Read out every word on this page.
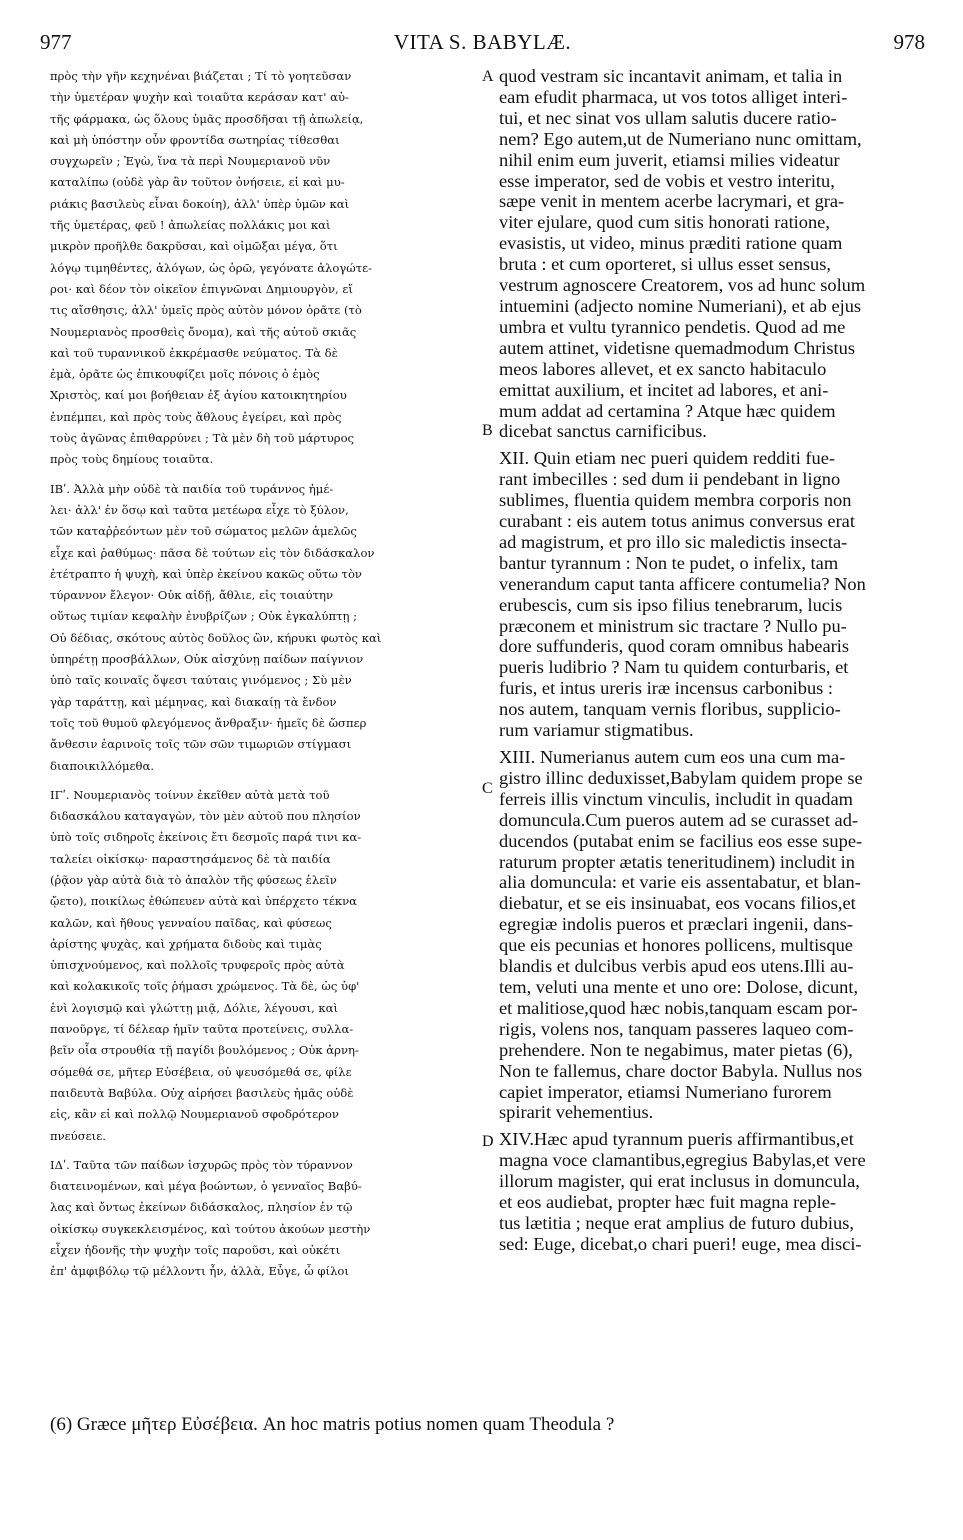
977	VITA S. BABYLÆ.	978
πρὸς τὴν γῆν κεχηνέναι βιάζεται ; Τί τὸ γοητεῦσαν
τὴν ὑμετέραν ψυχὴν καὶ τοιαῦτα κεράσαν κατ' αὐ-
τῆς φάρμακα, ὡς ὅλους ὑμᾶς προσδῆσαι τῇ ἀπωλείᾳ,
καὶ μὴ ὑπόστην οὖν φροντίδα σωτηρίας τίθεσθαι
συγχωρεῖν ; Ἐγὼ, ἵνα τὰ περὶ Νουμεριανοῦ νῦν
καταλίπω (οὐδὲ γὰρ ἂν τοῦτον ὀνήσειε, εἰ καὶ μυ-
ριάκις βασιλεὺς εἶναι δοκοίη), ἀλλ' ὑπὲρ ὑμῶν καὶ
τῆς ὑμετέρας, φεῦ ! ἀπωλείας πολλάκις μοι καὶ
μικρὸν προῆλθε δακρῦσαι, καὶ οἰμῶξαι μέγα, ὅτι
λόγῳ τιμηθέντες, ἀλόγων, ὡς ὁρῶ, γεγόνατε ἀλογώτε-
ροι· καὶ δέον τὸν οἰκεῖον ἐπιγνῶναι Δημιουργὸν, εἴ
τις αἴσθησις, ἀλλ' ὑμεῖς πρὸς αὐτὸν μόνον ὁρᾶτε (τὸ
Νουμεριανὸς προσθεὶς ὄνομα), καὶ τῆς αὐτοῦ σκιᾶς
καὶ τοῦ τυραννικοῦ ἐκκρέμασθε νεύματος. Τὰ δὲ
ἐμὰ, ὁρᾶτε ὡς ἐπικουφίζει μοῖς πόνοις ὁ ἐμὸς
Χριστὸς, καί μοι βοήθειαν ἐξ ἁγίου κατοικητηρίου
ἐνπέμπει, καὶ πρὸς τοὺς ἄθλους ἐγείρει, καὶ πρὸς
τοὺς ἀγῶνας ἐπιθαρρύνει ; Τὰ μὲν δὴ τοῦ μάρτυρος
πρὸς τοὺς δημίους τοιαῦτα.
ΙΒʹ. Ἀλλὰ μὴν οὐδὲ τὰ παιδία τοῦ τυράννος ἠμέ-
λει· ἀλλ' ἐν ὅσῳ καὶ ταῦτα μετέωρα εἶχε τὸ ξύλον,
τῶν καταῤῥεόντων μὲν τοῦ σώματος μελῶν ἀμελῶς
εἶχε καὶ ῥαθύμως· πᾶσα δὲ τούτων εἰς τὸν διδάσκαλον
ἐτέτραπτο ἡ ψυχὴ, καὶ ὑπὲρ ἐκείνου κακῶς οὕτω τὸν
τύραννον ἔλεγον· Οὐκ αἰδῇ, ἄθλιε, εἰς τοιαύτην
οὕτως τιμίαν κεφαλὴν ἐνυβρίζων ; Οὐκ ἐγκαλύπτῃ ;
Οὐ δέδιας, σκότους αὐτὸς δοῦλος ὢν, κήρυκι φωτὸς καὶ
ὑπηρέτῃ προσβάλλων, Οὐκ αἰσχύνῃ παίδων παίγνιον
ὑπὸ ταῖς κοιναῖς ὄψεσι ταύταις γινόμενος ; Σὺ μὲν
γὰρ ταράττῃ, καὶ μέμηνας, καὶ διακαίῃ τὰ ἔνδον
τοῖς τοῦ θυμοῦ φλεγόμενος ἄνθραξιν· ἡμεῖς δὲ ὥσπερ
ἄνθεσιν ἐαρινοῖς τοῖς τῶν σῶν τιμωριῶν στίγμασι
διαποικιλλόμεθα.
ΙΓʹ. Νουμεριανὸς τοίνυν ἐκεῖθεν αὐτὰ μετὰ τοῦ
διδασκάλου καταγαγὼν, τὸν μὲν αὐτοῦ που πλησίον
ὑπὸ τοῖς σιδηροῖς ἐκείνοις ἔτι δεσμοῖς παρά τινι κα-
ταλείει οἰκίσκῳ· παραστησάμενος δὲ τὰ παιδία
(ῥᾷον γὰρ αὐτὰ διὰ τὸ ἁπαλὸν τῆς φύσεως ἑλεῖν
ᾤετο), ποικίλως ἐθώπευεν αὐτὰ καὶ ὑπέρχετο τέκνα
καλῶν, καὶ ἤθους γενναίου παῖδας, καὶ φύσεως
ἀρίστης ψυχὰς, καὶ χρήματα διδοὺς καὶ τιμὰς
ὑπισχνούμενος, καὶ πολλοῖς τρυφεροῖς πρὸς αὐτὰ
καὶ κολακικοῖς τοῖς ῥήμασι χρώμενος. Τὰ δὲ, ὡς ὑφ'
ἑνὶ λογισμῷ καὶ γλώττῃ μιᾷ, Δόλιε, λέγουσι, καὶ
πανοῦργε, τί δέλεαρ ἡμῖν ταῦτα προτείνεις, συλλα-
βεῖν οἷα στρουθία τῇ παγίδι βουλόμενος ; Οὐκ ἀρνη-
σόμεθά σε, μῆτερ Εὐσέβεια, οὐ ψευσόμεθά σε, φίλε
παιδευτὰ Βαβύλα. Οὐχ αἱρήσει βασιλεὺς ἡμᾶς οὐδὲ
εἰς, κἂν εἰ καὶ πολλῷ Νουμεριανοῦ σφοδρότερον
πνεύσειε.
ΙΔʹ. Ταῦτα τῶν παίδων ἰσχυρῶς πρὸς τὸν τύραννον
διατεινομένων, καὶ μέγα βοώντων, ὁ γενναῖος Βαβύ-
λας καὶ ὄντως ἐκείνων διδάσκαλος, πλησίον ἐν τῷ
οἰκίσκῳ συγκεκλεισμένος, καὶ τούτου ἀκούων μεστὴν
εἶχεν ἡδονῆς τὴν ψυχὴν τοῖς παροῦσι, καὶ οὐκέτι
ἐπ' ἀμφιβόλῳ τῷ μέλλοντι ἦν, ἀλλὰ, Εὖγε, ὦ φίλοι
A
B
C
D
quod vestram sic incantavit animam, et talia in
eam efudit pharmaca, ut vos totos alliget interi-
tui, et nec sinat vos ullam salutis ducere ratio-
nem? Ego autem,ut de Numeriano nunc omittam,
nihil enim eum juverit, etiamsi milies videatur
esse imperator, sed de vobis et vestro interitu,
sæpe venit in mentem acerbe lacrymari, et gra-
viter ejulare, quod cum sitis honorati ratione,
evasistis, ut video, minus præditi ratione quam
bruta : et cum oporteret, si ullus esset sensus,
vestrum agnoscere Creatorem, vos ad hunc solum
intuemini (adjecto nomine Numeriani), et ab ejus
umbra et vultu tyrannico pendetis. Quod ad me
autem attinet, videtisne quemadmodum Christus
meos labores allevet, et ex sancto habitaculo
emittat auxilium, et incitet ad labores, et ani-
mum addat ad certamina ? Atque hæc quidem
dicebat sanctus carnificibus.
XII. Quin etiam nec pueri quidem redditi fue-
rant imbecilles : sed dum ii pendebant in ligno
sublimes, fluentia quidem membra corporis non
curabant : eis autem totus animus conversus erat
ad magistrum, et pro illo sic maledictis insecta-
bantur tyrannum : Non te pudet, o infelix, tam
venerandum caput tanta afficere contumelia? Non
erubescis, cum sis ipso filius tenebrarum, lucis
præconem et ministrum sic tractare ? Nullo pu-
dore suffunderis, quod coram omnibus habearis
pueris ludibrio ? Nam tu quidem conturbaris, et
furis, et intus ureris iræ incensus carbonibus :
nos autem, tanquam vernis floribus, supplicio-
rum variamur stigmatibus.
XIII. Numerianus autem cum eos una cum ma-
gistro illinc deduxisset,Babylam quidem prope se
ferreis illis vinctum vinculis, includit in quadam
domuncula.Cum pueros autem ad se curasset ad-
ducendos (putabat enim se facilius eos esse supe-
raturum propter ætatis teneritudinem) includit in
alia domuncula: et varie eis assentabatur, et blan-
diebatur, et se eis insinuabat, eos vocans filios,et
egregiæ indolis pueros et præclari ingenii, dans-
que eis pecunias et honores pollicens, multisque
blandis et dulcibus verbis apud eos utens.Illi au-
tem, veluti una mente et uno ore: Dolose, dicunt,
et malitiose,quod hæc nobis,tanquam escam por-
rigis, volens nos, tanquam passeres laqueo com-
prehendere. Non te negabimus, mater pietas (6),
Non te fallemus, chare doctor Babyla. Nullus nos
capiet imperator, etiamsi Numeriano furorem
spirarit vehementius.
XIV.Hæc apud tyrannum pueris affirmantibus,et
magna voce clamantibus,egregius Babylas,et vere
illorum magister, qui erat inclusus in domuncula,
et eos audiebat, propter hæc fuit magna reple-
tus lætitia ; neque erat amplius de futuro dubius,
sed: Euge, dicebat,o chari pueri! euge, mea disci-
(6) Græce μῆτερ Εὐσέβεια. An hoc matris potius nomen quam Theodula ?
